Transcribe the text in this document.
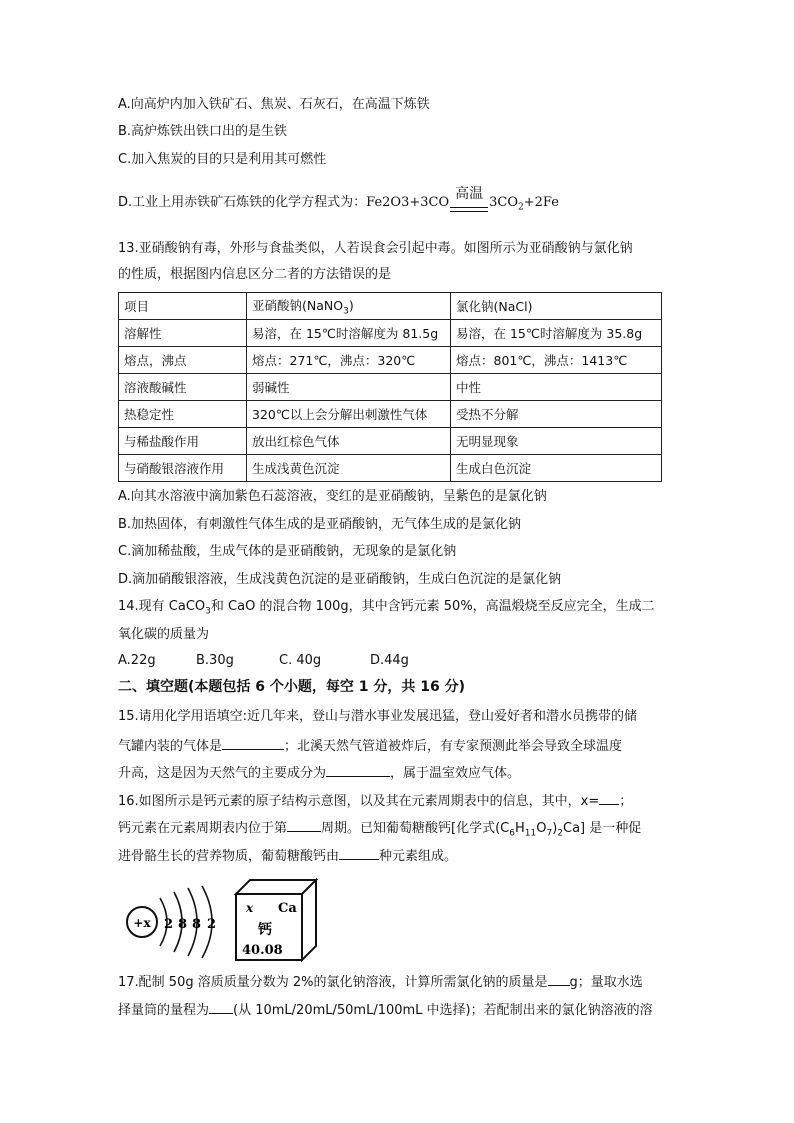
A.向高炉内加入铁矿石、焦炭、石灰石，在高温下炼铁
B.高炉炼铁出铁口出的是生铁
C.加入焦炭的目的只是利用其可燃性
D.工业上用赤铁矿石炼铁的化学方程式为：Fe2O3+3CO
高温
$3CO_2+2Fe$
13.亚硝酸钠有毒，外形与食盐类似，人若误食会引起中毒。如图所示为亚硝酸钠与氯化钠
的性质，根据图内信息区分二者的方法错误的是
项目	亚硝酸钠(NaNO$_3$)	氯化钠(NaCl)
溶解性	易溶，在 15℃时溶解度为 81.5g	易溶，在 15℃时溶解度为 35.8g
熔点，沸点	熔点：271℃，沸点：320℃	熔点：801℃，沸点：1413℃
溶液酸碱性	弱碱性	中性
热稳定性	320℃以上会分解出刺激性气体	受热不分解
与稀盐酸作用	放出红棕色气体	无明显现象
与硝酸银溶液作用	生成浅黄色沉淀	生成白色沉淀
A.向其水溶液中滴加紫色石蕊溶液，变红的是亚硝酸钠，呈紫色的是氯化钠
B.加热固体，有刺激性气体生成的是亚硝酸钠，无气体生成的是氯化钠
C.滴加稀盐酸，生成气体的是亚硝酸钠，无现象的是氯化钠
D.滴加硝酸银溶液，生成浅黄色沉淀的是亚硝酸钠，生成白色沉淀的是氯化钠
14.现有 CaCO$_3$和 CaO 的混合物 100g，其中含钙元素 50%，高温煅烧至反应完全，生成二
氧化碳的质量为
A.22g	B.30g	C. 40g	D.44g
二、填空题(本题包括 6 个小题，每空 1 分，共 16 分)
15.请用化学用语填空:近几年来，登山与潜水事业发展迅猛，登山爱好者和潜水员携带的储
气罐内装的气体是	；北溪天然气管道被炸后，有专家预测此举会导致全球温度
升高，这是因为天然气的主要成分为	，属于温室效应气体。
16.如图所示是钙元素的原子结构示意图，以及其在元素周期表中的信息，其中，x= ；
钙元素在元素周期表内位于第	周期。已知葡萄糖酸钙[化学式$(C_6H_{11}O_7)_2Ca$] 是一种促
进骨骼生长的营养物质，葡萄糖酸钙由	种元素组成。
+x 2 8 8 2
x Ca
钙
40.08
17.配制 50g 溶质质量分数为 2%的氯化钠溶液，计算所需氯化钠的质量是 g；量取水选
择量筒的量程为 (从 10mL/20mL/50mL/100mL 中选择)；若配制出来的氯化钠溶液的溶
